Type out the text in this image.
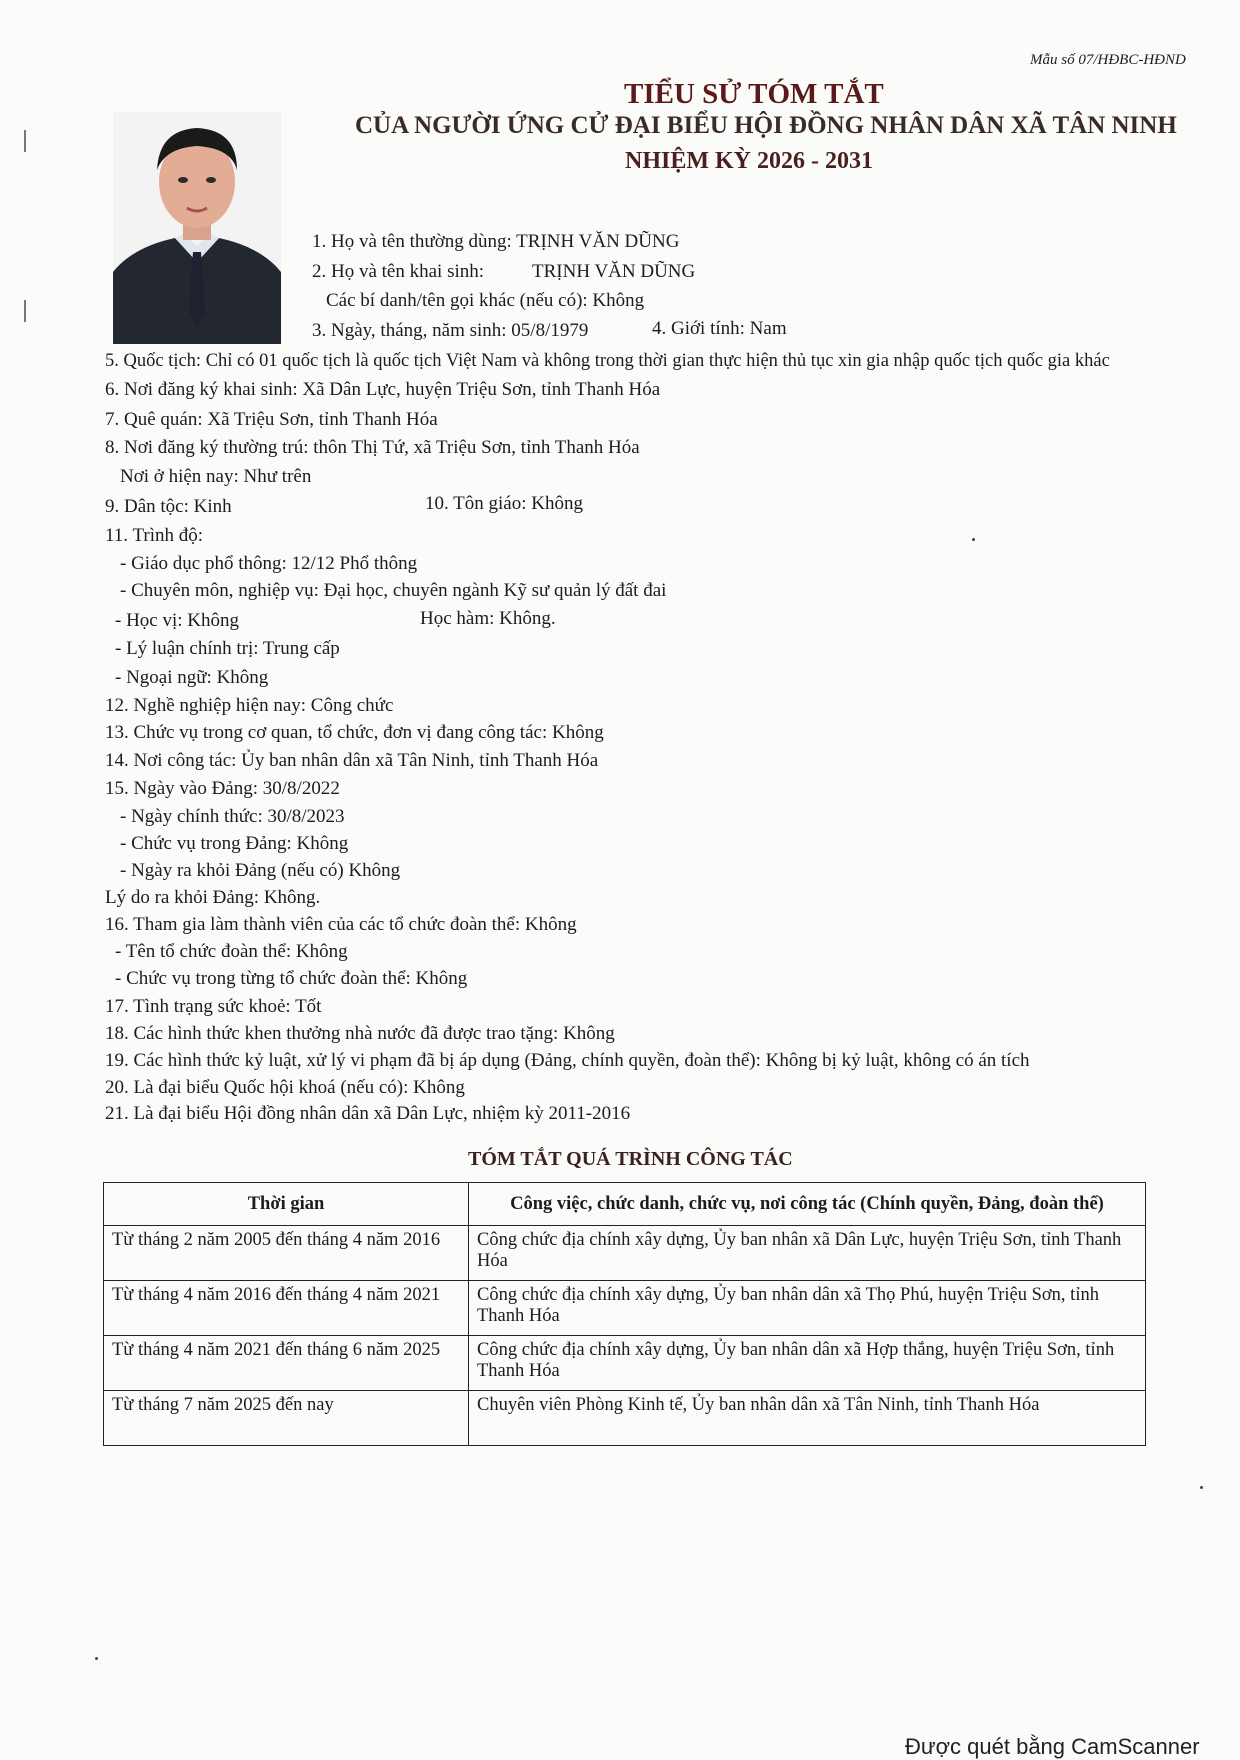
Mẫu số 07/HĐBC-HĐND
TIỂU SỬ TÓM TẮT
CỦA NGƯỜI ỨNG CỬ ĐẠI BIỂU HỘI ĐỒNG NHÂN DÂN XÃ TÂN NINH
NHIỆM KỲ 2026 - 2031
1. Họ và tên thường dùng: TRỊNH VĂN DŨNG
2. Họ và tên khai sinh:	TRỊNH VĂN DŨNG
Các bí danh/tên gọi khác (nếu có): Không
3. Ngày, tháng, năm sinh: 05/8/1979	4. Giới tính: Nam
5. Quốc tịch: Chỉ có 01 quốc tịch là quốc tịch Việt Nam và không trong thời gian thực hiện thủ tục xin gia nhập quốc tịch quốc gia khác
6. Nơi đăng ký khai sinh: Xã Dân Lực, huyện Triệu Sơn, tỉnh Thanh Hóa
7. Quê quán: Xã Triệu Sơn, tỉnh Thanh Hóa
8. Nơi đăng ký thường trú: thôn Thị Tứ, xã Triệu Sơn, tỉnh Thanh Hóa
Nơi ở hiện nay: Như trên
9. Dân tộc: Kinh	10. Tôn giáo: Không
11. Trình độ:
- Giáo dục phổ thông: 12/12 Phổ thông
- Chuyên môn, nghiệp vụ: Đại học, chuyên ngành Kỹ sư quản lý đất đai
- Học vị: Không	Học hàm: Không.
- Lý luận chính trị: Trung cấp
- Ngoại ngữ: Không
12. Nghề nghiệp hiện nay: Công chức
13. Chức vụ trong cơ quan, tổ chức, đơn vị đang công tác: Không
14. Nơi công tác: Ủy ban nhân dân xã Tân Ninh, tỉnh Thanh Hóa
15. Ngày vào Đảng: 30/8/2022
- Ngày chính thức: 30/8/2023
- Chức vụ trong Đảng: Không
- Ngày ra khỏi Đảng (nếu có) Không
Lý do ra khỏi Đảng: Không.
16. Tham gia làm thành viên của các tổ chức đoàn thể: Không
- Tên tổ chức đoàn thể: Không
- Chức vụ trong từng tổ chức đoàn thể: Không
17. Tình trạng sức khoẻ: Tốt
18. Các hình thức khen thưởng nhà nước đã được trao tặng: Không
19. Các hình thức kỷ luật, xử lý vi phạm đã bị áp dụng (Đảng, chính quyền, đoàn thể): Không bị kỷ luật, không có án tích
20. Là đại biểu Quốc hội khoá (nếu có): Không
21. Là đại biểu Hội đồng nhân dân xã Dân Lực, nhiệm kỳ 2011-2016
TÓM TẮT QUÁ TRÌNH CÔNG TÁC
Thời gian	Công việc, chức danh, chức vụ, nơi công tác (Chính quyền, Đảng, đoàn thể)
Từ tháng 2 năm 2005 đến tháng 4 năm 2016	Công chức địa chính xây dựng, Ủy ban nhân xã Dân Lực, huyện Triệu Sơn, tỉnh Thanh Hóa
Từ tháng 4 năm 2016 đến tháng 4 năm 2021	Công chức địa chính xây dựng, Ủy ban nhân dân xã Thọ Phú, huyện Triệu Sơn, tỉnh Thanh Hóa
Từ tháng 4 năm 2021 đến tháng 6 năm 2025	Công chức địa chính xây dựng, Ủy ban nhân dân xã Hợp thắng, huyện Triệu Sơn, tỉnh Thanh Hóa
Từ tháng 7 năm 2025 đến nay	Chuyên viên Phòng Kinh tế, Ủy ban nhân dân xã Tân Ninh, tỉnh Thanh Hóa
Được quét bằng CamScanner
